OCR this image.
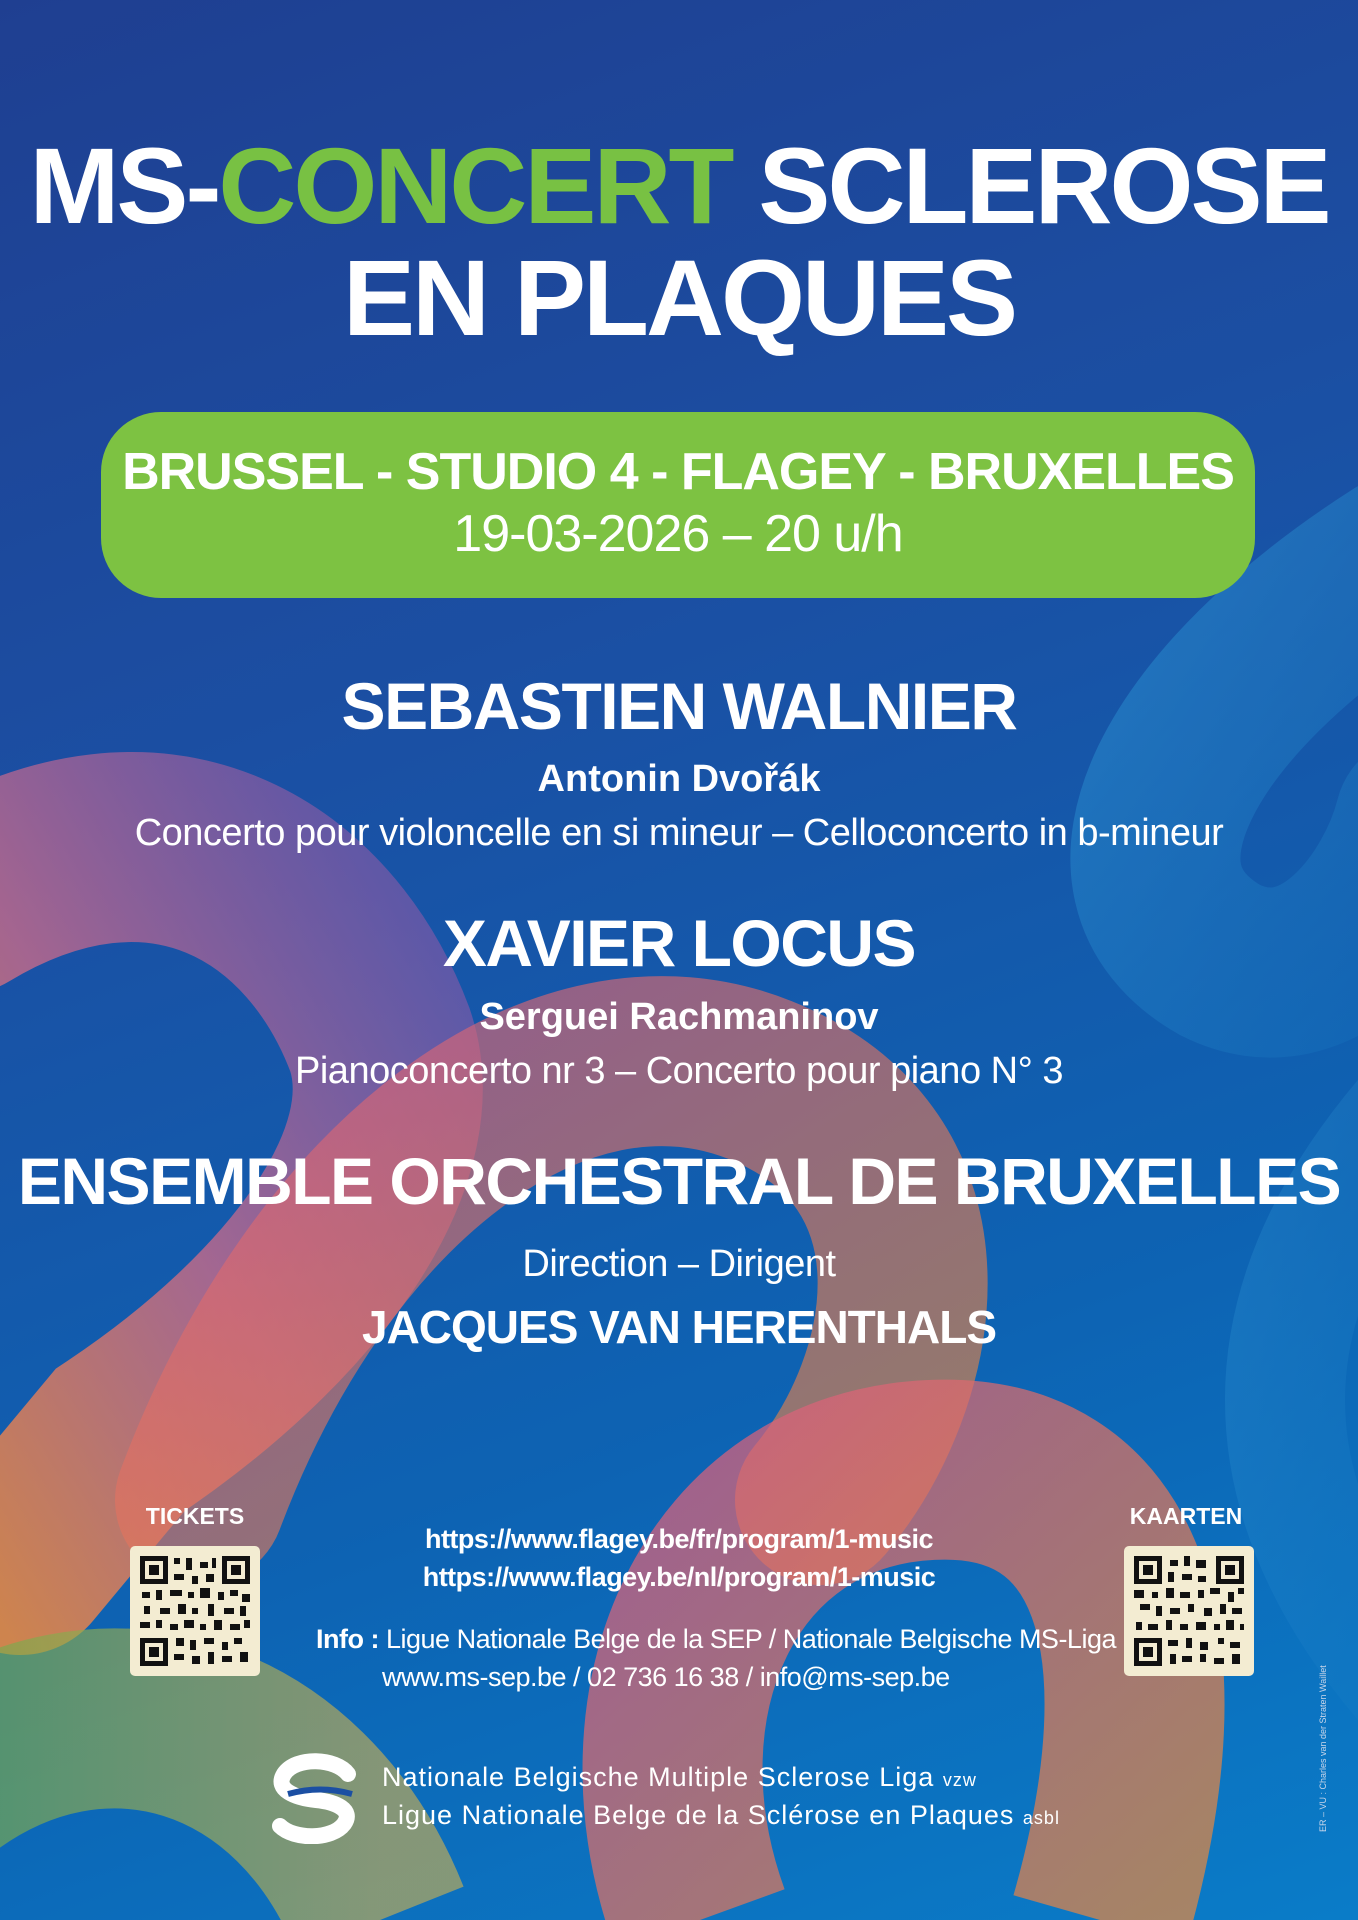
MS-CONCERT SCLEROSE
EN PLAQUES
BRUSSEL - STUDIO 4 - FLAGEY - BRUXELLES
19-03-2026 – 20 u/h
SEBASTIEN WALNIER
Antonin Dvořák
Concerto pour violoncelle en si mineur – Celloconcerto in b-mineur
XAVIER LOCUS
Serguei Rachmaninov
Pianoconcerto nr 3 – Concerto pour piano N° 3
ENSEMBLE ORCHESTRAL DE BRUXELLES
Direction – Dirigent
JACQUES VAN HERENTHALS
TICKETS	KAARTEN
https://www.flagey.be/fr/program/1-music
https://www.flagey.be/nl/program/1-music
Info : Ligue Nationale Belge de la SEP / Nationale Belgische MS-Liga
www.ms-sep.be / 02 736 16 38 / info@ms-sep.be
Nationale Belgische Multiple Sclerose Liga vzw
Ligue Nationale Belge de la Sclérose en Plaques asbl	ER – VU : Charles van der Straten Waillet
